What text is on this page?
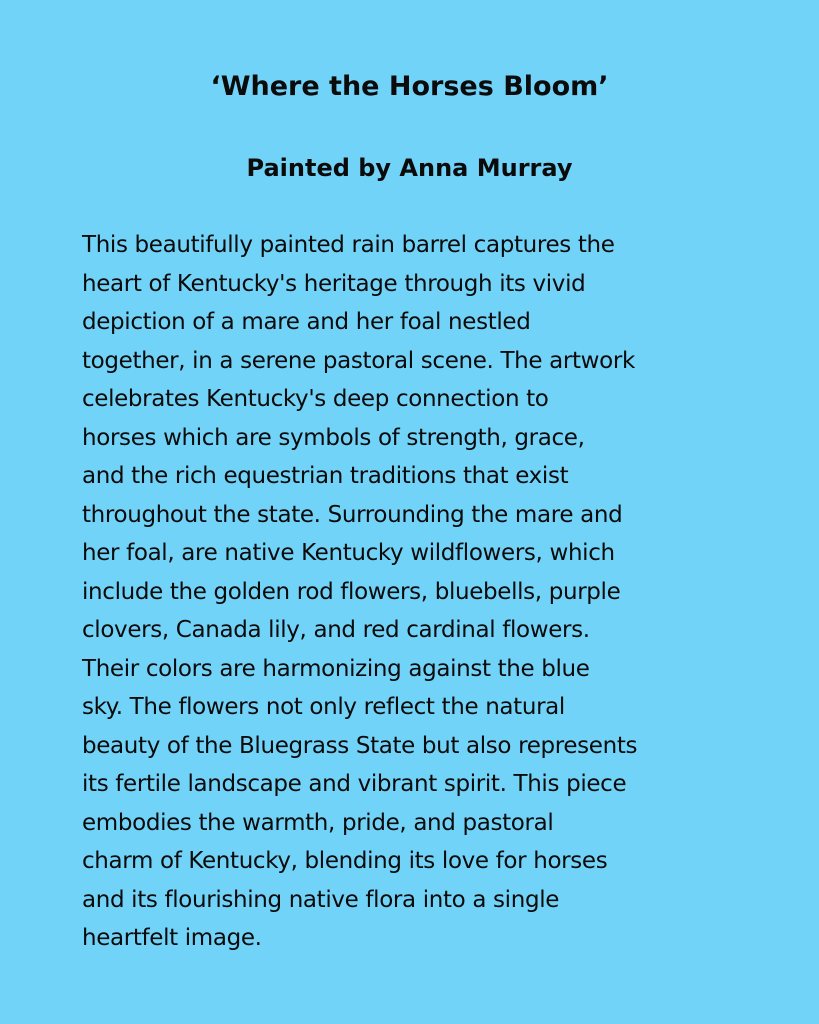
‘Where the Horses Bloom’
Painted by Anna Murray

This beautifully painted rain barrel captures the
heart of Kentucky's heritage through its vivid
depiction of a mare and her foal nestled
together, in a serene pastoral scene. The artwork
celebrates Kentucky's deep connection to
horses which are symbols of strength, grace,
and the rich equestrian traditions that exist
throughout the state. Surrounding the mare and
her foal, are native Kentucky wildflowers, which
include the golden rod flowers, bluebells, purple
clovers, Canada lily, and red cardinal flowers.
Their colors are harmonizing against the blue
sky. The flowers not only reflect the natural
beauty of the Bluegrass State but also represents
its fertile landscape and vibrant spirit. This piece
embodies the warmth, pride, and pastoral
charm of Kentucky, blending its love for horses
and its flourishing native flora into a single
heartfelt image.
